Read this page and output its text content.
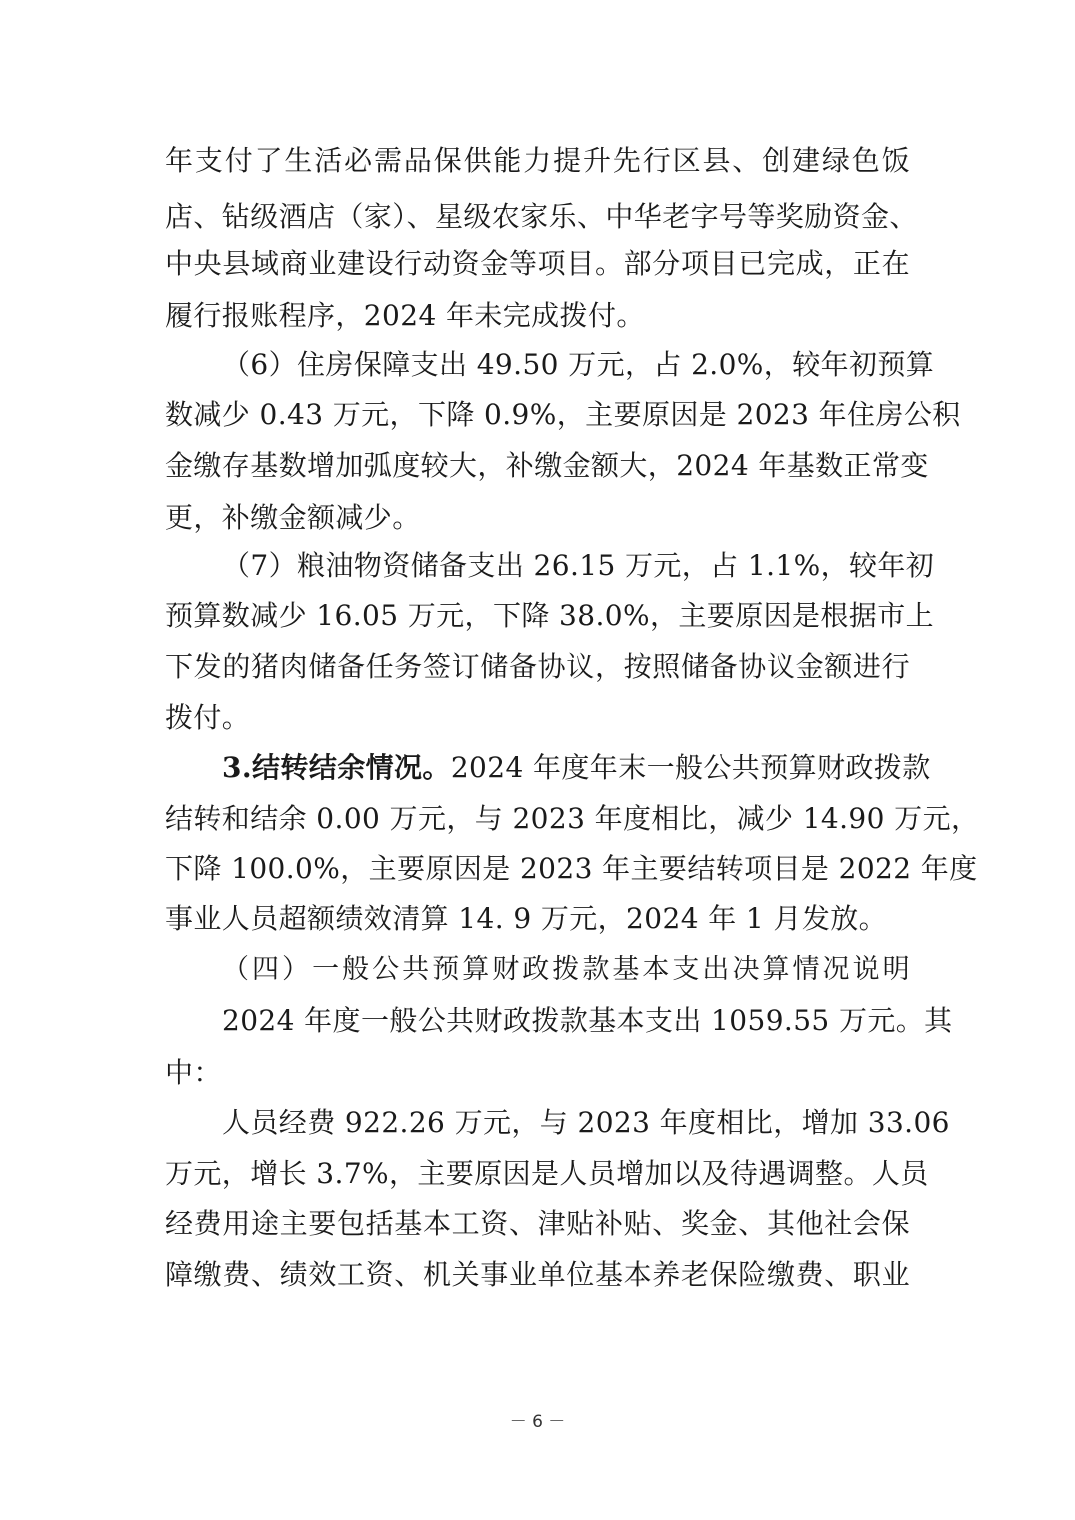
年支付了生活必需品保供能力提升先行区县、创建绿色饭
店、钻级酒店（家）、星级农家乐、中华老字号等奖励资金、
中央县域商业建设行动资金等项目。部分项目已完成，正在
履行报账程序，2024 年未完成拨付。
（6）住房保障支出 49.50 万元，占 2.0%，较年初预算
数减少 0.43 万元，下降 0.9%，主要原因是 2023 年住房公积
金缴存基数增加弧度较大，补缴金额大，2024 年基数正常变
更，补缴金额减少。
（7）粮油物资储备支出 26.15 万元，占 1.1%，较年初
预算数减少 16.05 万元，下降 38.0%，主要原因是根据市上
下发的猪肉储备任务签订储备协议，按照储备协议金额进行
拨付。
3.结转结余情况。2024 年度年末一般公共预算财政拨款
结转和结余 0.00 万元，与 2023 年度相比，减少 14.90 万元，
下降 100.0%，主要原因是 2023 年主要结转项目是 2022 年度
事业人员超额绩效清算 14. 9 万元，2024 年 1 月发放。
（四）一般公共预算财政拨款基本支出决算情况说明
2024 年度一般公共财政拨款基本支出 1059.55 万元。其
中：
人员经费 922.26 万元，与 2023 年度相比，增加 33.06
万元，增长 3.7%，主要原因是人员增加以及待遇调整。人员
经费用途主要包括基本工资、津贴补贴、奖金、其他社会保
障缴费、绩效工资、机关事业单位基本养老保险缴费、职业
－ 6 －
